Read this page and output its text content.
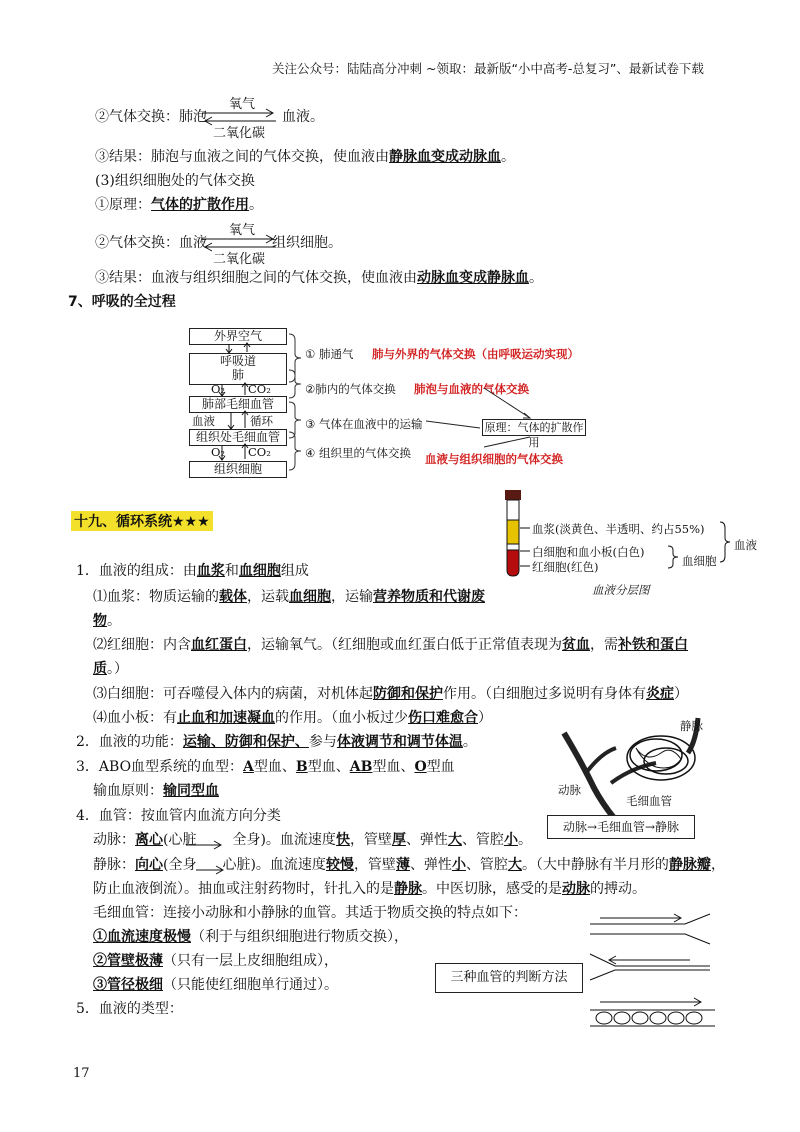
关注公众号：陆陆高分冲刺 ~领取：最新版“小中高考-总复习”、最新试卷下载
②气体交换：肺泡
氧气
二氧化碳
血液。
③结果：肺泡与血液之间的气体交换，使血液由静脉血变成动脉血。
(3)组织细胞处的气体交换
①原理：气体的扩散作用。
②气体交换：血液
氧气
二氧化碳
组织细胞。
③结果：血液与组织细胞之间的气体交换，使血液由动脉血变成静脉血。
7、呼吸的全过程
外界空气
呼吸道
肺
O₂ CO₂
肺部毛细血管
血液	循环
组织处毛细血管
O₂ CO₂
组织细胞
① 肺通气 肺与外界的气体交换（由呼吸运动实现）
②肺内的气体交换 肺泡与血液的气体交换
③ 气体在血液中的运输
④ 组织里的气体交换 血液与组织细胞的气体交换
原理：气体的扩散作用
十九、循环系统★★★	血浆(淡黄色、半透明、约占55%)
白细胞和血小板(白色)
红细胞(红色)	血细胞
血液
血液分层图
1．血液的组成：由血浆和血细胞组成
⑴血浆：物质运输的载体，运载血细胞，运输营养物质和代谢废
物。
⑵红细胞：内含血红蛋白，运输氧气。（红细胞或血红蛋白低于正常值表现为贫血，需补铁和蛋白
质。）
⑶白细胞：可吞噬侵入体内的病菌，对机体起防御和保护作用。（白细胞过多说明有身体有炎症）
⑷血小板：有止血和加速凝血的作用。（血小板过少伤口难愈合）
2．血液的功能：运输、防御和保护、参与体液调节和调节体温。
3．ABO血型系统的血型：A型血、B型血、AB型血、O型血
输血原则：输同型血
静脉
动脉
毛细血管
动脉→毛细血管→静脉
4．血管：按血管内血流方向分类
动脉：离心(心脏	全身)。血流速度快，管壁厚、弹性大、管腔小。
静脉：向心(全身 心脏)。血流速度较慢，管壁薄、弹性小、管腔大。（大中静脉有半月形的静脉瓣，
防止血液倒流）。抽血或注射药物时，针扎入的是静脉。中医切脉，感受的是动脉的搏动。
毛细血管：连接小动脉和小静脉的血管。其适于物质交换的特点如下：
①血流速度极慢（利于与组织细胞进行物质交换），
②管壁极薄（只有一层上皮细胞组成），
③管径极细（只能使红细胞单行通过）。
5．血液的类型：
三种血管的判断方法
17
